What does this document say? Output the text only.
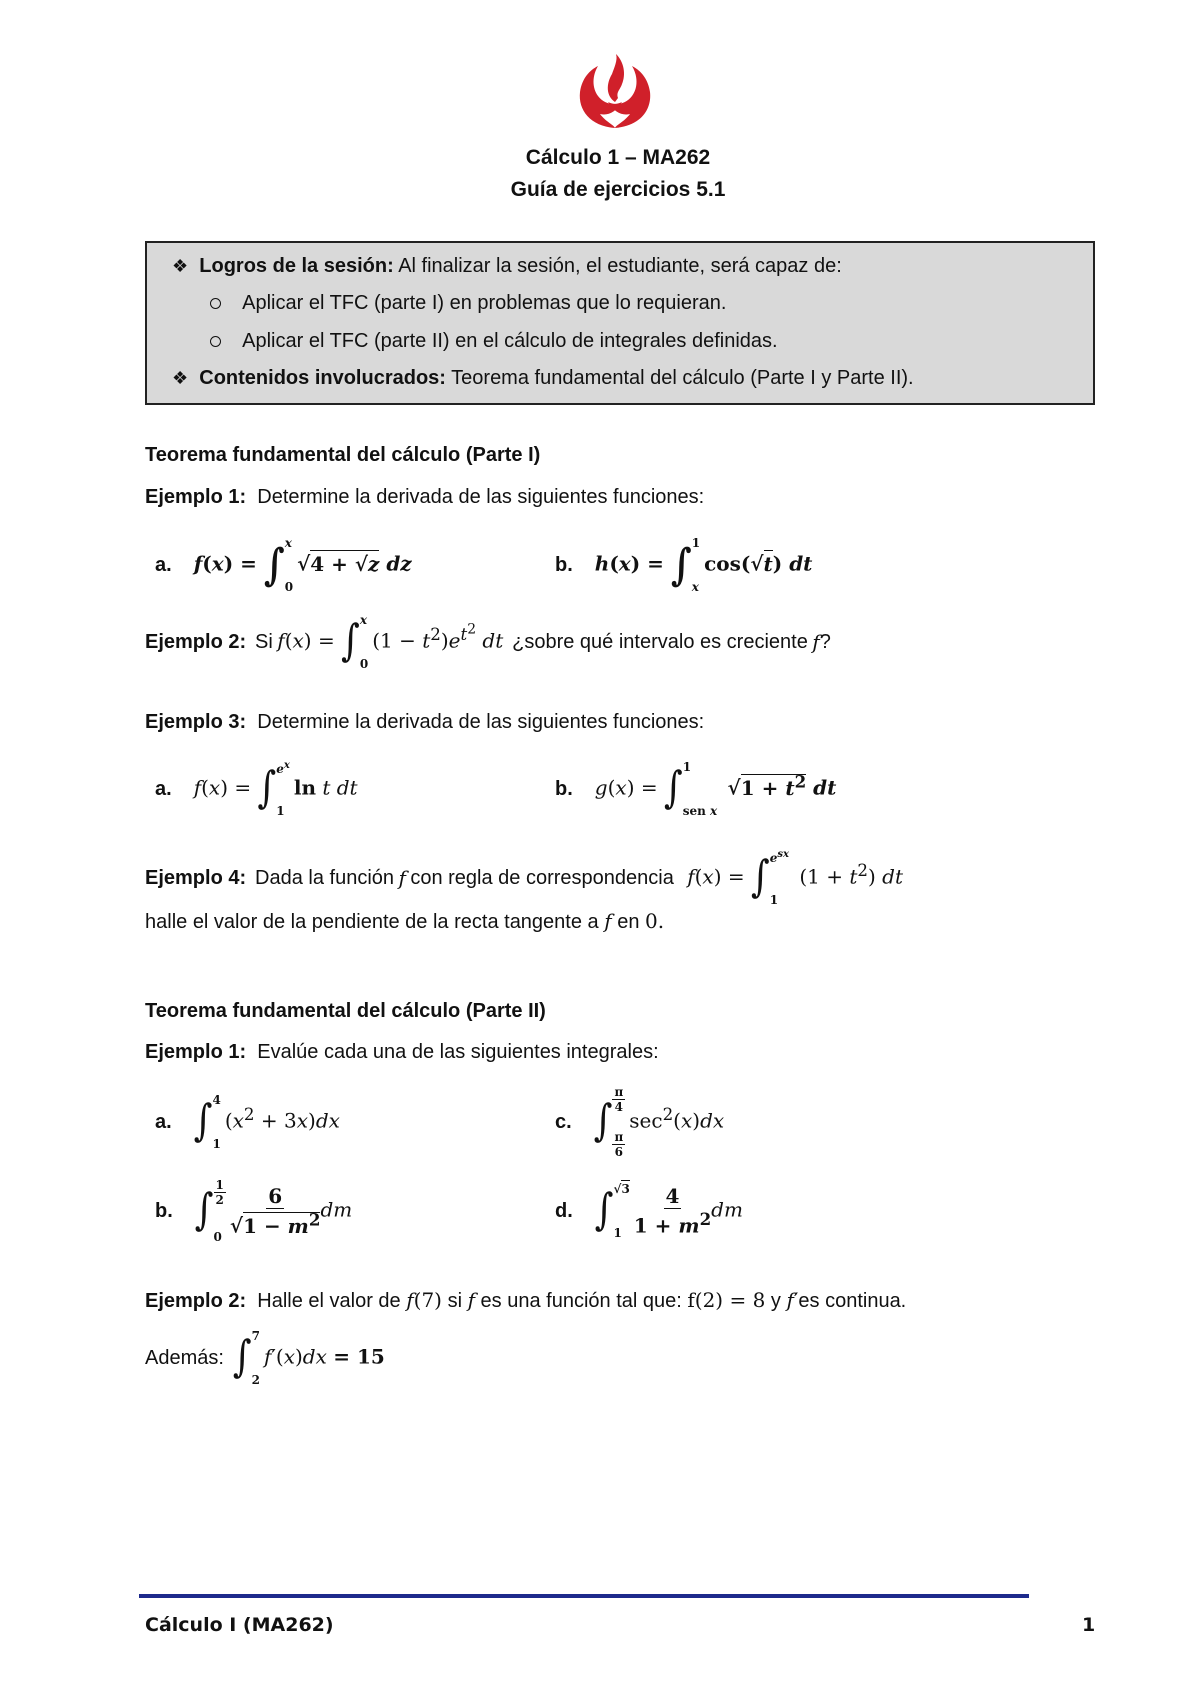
Cálculo 1 – MA262
Guía de ejercicios 5.1
❖ Logros de la sesión: Al finalizar la sesión, el estudiante, será capaz de:
Aplicar el TFC (parte I) en problemas que lo requieran.
Aplicar el TFC (parte II) en el cálculo de integrales definidas.
❖ Contenidos involucrados: Teorema fundamental del cálculo (Parte I y Parte II).
Teorema fundamental del cálculo (Parte I)
Ejemplo 1: Determine la derivada de las siguientes funciones:
a. f(x) = ∫ x
0
√4 + √z dz	b. h(x) = ∫ 1
x
cos(√t) dt
Ejemplo 2:
Si
f(x) = ∫ x
0
$(1 - t^2)e^{t^2}$ dt
¿sobre qué intervalo es creciente
f ?
Ejemplo 3: Determine la derivada de las siguientes funciones:
a. f(x) = ∫ $e^x$
1
ln t dt	b. g(x) = ∫ 1
sen x
$√1 + t^2$ dt
Ejemplo 4:
Dada la función
f
con regla de correspondencia
f(x) = ∫ $e^{sx}$
1
$(1 + t^2)$ dt
halle el valor de la pendiente de la recta tangente a f en 0.
Teorema fundamental del cálculo (Parte II)
Ejemplo 1: Evalúe cada una de las siguientes integrales:
a. ∫ 4
1
$(x^2 + 3x)dx$	c. ∫ $\frac{\pi}{4}$
$\frac{\pi}{6}$
$\sec^2(x)dx$
b. ∫ $\frac{1}{2}$
$0 \frac{6}{√1 - m^2}$ dm	d. ∫ √3
$1 \frac{4}{1 + m^2}$ dm
Ejemplo 2: Halle el valor de f(7) si f es una función tal que: f(2) = 8 y f′es continua.
Además:
∫ 7
2
f′(x)dx = 15
Cálculo I (MA262)	1
